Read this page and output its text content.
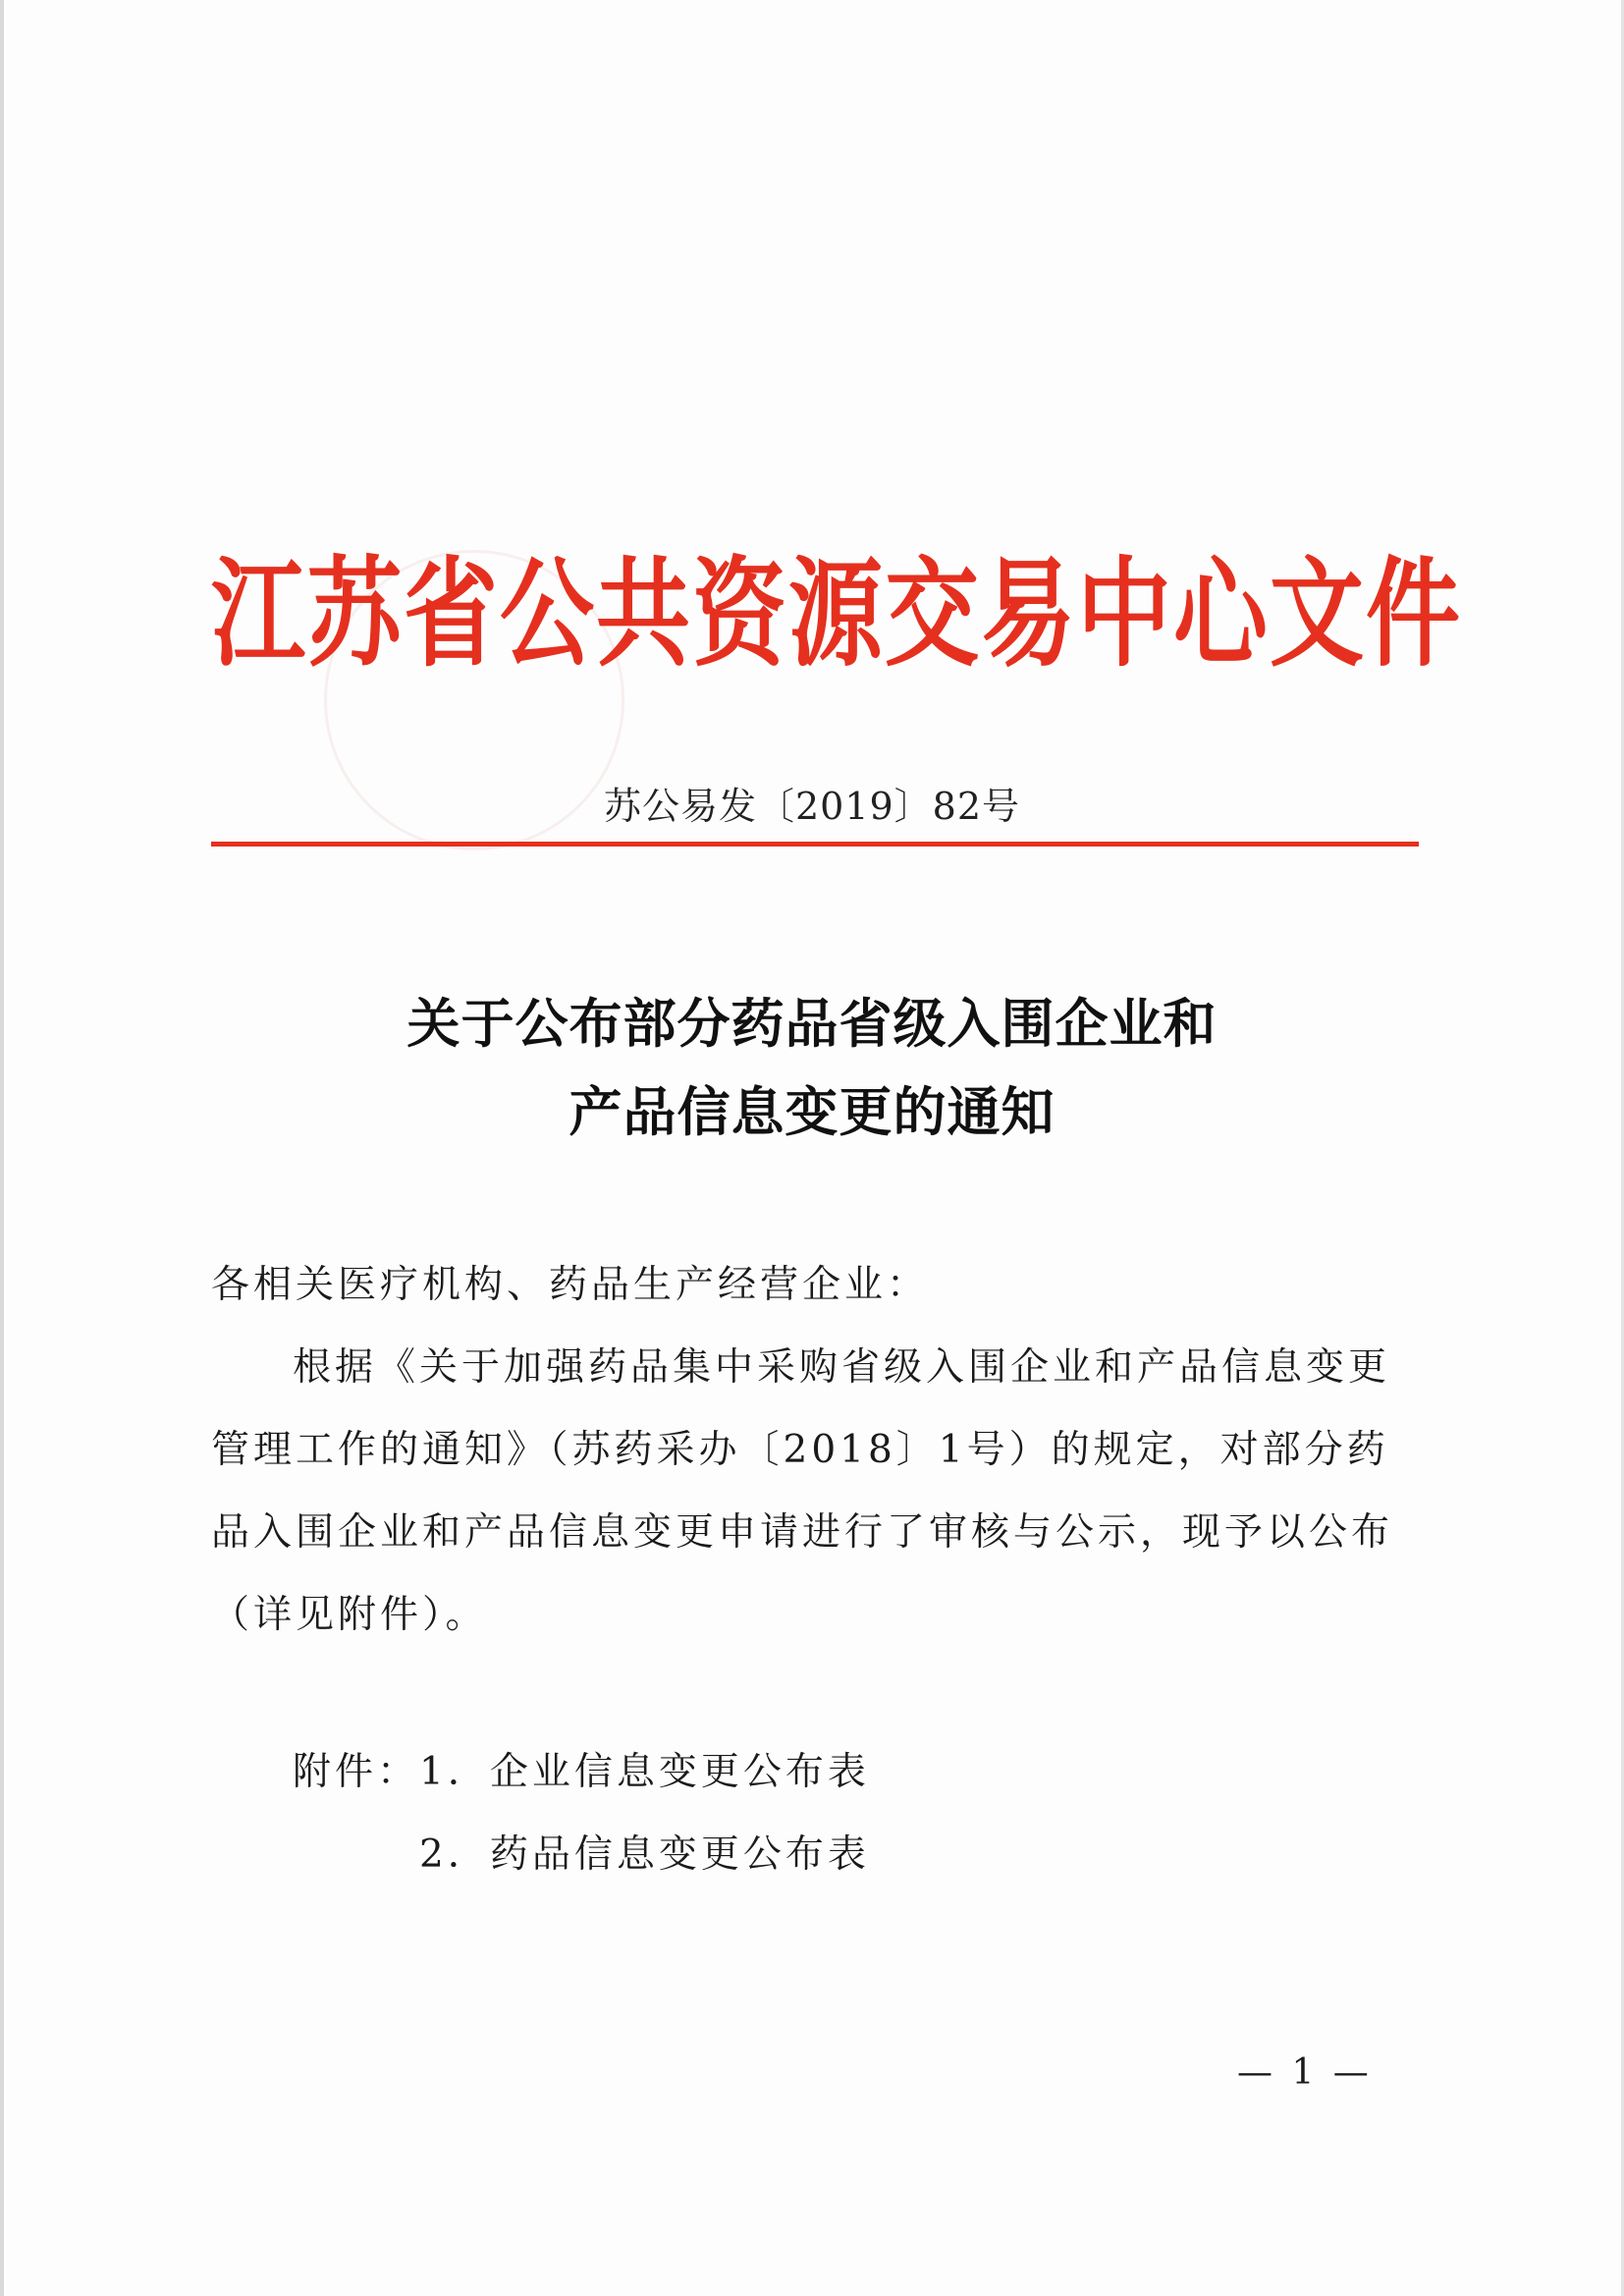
江苏省公共资源交易中心文件
苏公易发〔2019〕82号
关于公布部分药品省级入围企业和
产品信息变更的通知
各相关医疗机构、药品生产经营企业：
根据《关于加强药品集中采购省级入围企业和产品信息变更
管理工作的通知》（苏药采办〔2018〕1号）的规定，对部分药
品入围企业和产品信息变更申请进行了审核与公示，现予以公布
（详见附件）。
附件： 1．企业信息变更公布表
2．药品信息变更公布表
— 1 —
